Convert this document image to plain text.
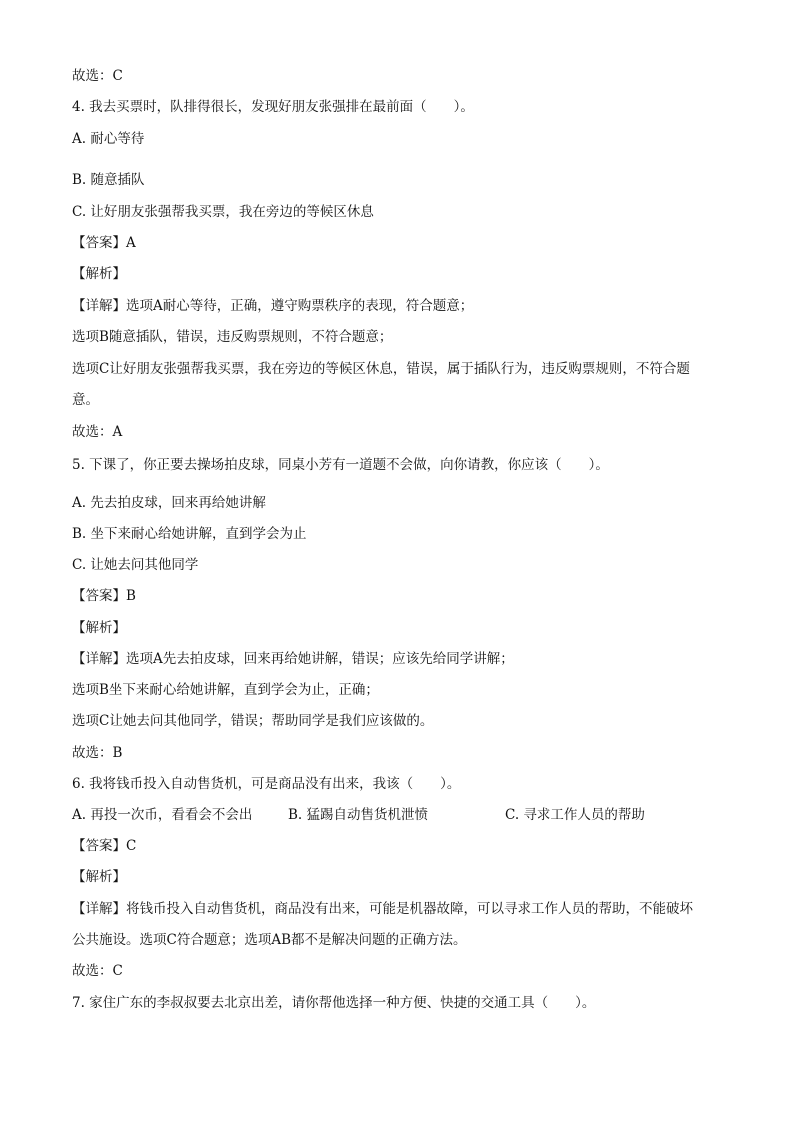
故选：C
4. 我去买票时，队排得很长，发现好朋友张强排在最前面（　　）。
A. 耐心等待
B. 随意插队
C. 让好朋友张强帮我买票，我在旁边的等候区休息
【答案】A
【解析】
【详解】选项A耐心等待，正确，遵守购票秩序的表现，符合题意；
选项B随意插队，错误，违反购票规则，不符合题意；
选项C让好朋友张强帮我买票，我在旁边的等候区休息，错误，属于插队行为，违反购票规则，不符合题
意。
故选：A
5. 下课了，你正要去操场拍皮球，同桌小芳有一道题不会做，向你请教，你应该（　　）。
A. 先去拍皮球，回来再给她讲解
B. 坐下来耐心给她讲解，直到学会为止
C. 让她去问其他同学
【答案】B
【解析】
【详解】选项A先去拍皮球，回来再给她讲解，错误；应该先给同学讲解；
选项B坐下来耐心给她讲解，直到学会为止，正确；
选项C让她去问其他同学，错误；帮助同学是我们应该做的。
故选：B
6. 我将钱币投入自动售货机，可是商品没有出来，我该（　　）。
A. 再投一次币，看看会不会出	B. 猛踢自动售货机泄愤	C. 寻求工作人员的帮助
【答案】C
【解析】
【详解】将钱币投入自动售货机，商品没有出来，可能是机器故障，可以寻求工作人员的帮助，不能破坏
公共施设。选项C符合题意；选项AB都不是解决问题的正确方法。
故选：C
7. 家住广东的李叔叔要去北京出差，请你帮他选择一种方便、快捷的交通工具（　　）。
